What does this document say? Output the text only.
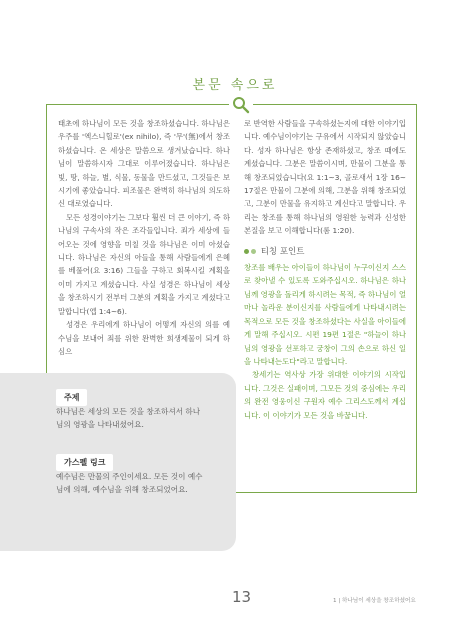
본문 속으로

태초에 하나님이 모든 것을 창조하셨습니다. 하나님은 우주를 '엑스니힐로'(ex nihilo), 즉 '무'(無)에서 창조하셨습니다. 온 세상은 말씀으로 생겨났습니다. 하나님이 말씀하시자 그대로 이루어졌습니다. 하나님은 빛, 땅, 하늘, 별, 식물, 동물을 만드셨고, 그것들은 보시기에 좋았습니다. 피조물은 완벽히 하나님의 의도하신 대로였습니다.

모든 성경이야기는 그보다 훨씬 더 큰 이야기, 즉 하나님의 구속사의 작은 조각들입니다. 죄가 세상에 들어오는 것에 영향을 미칠 것을 하나님은 이미 아셨습니다. 하나님은 자신의 아들을 통해 사람들에게 은혜를 베풀어(요 3:16) 그들을 구하고 회복시킬 계획을 이미 가지고 계셨습니다. 사실 성경은 하나님이 세상을 창조하시기 전부터 그분의 계획을 가지고 계셨다고 말합니다(엡 1:4~6).

성경은 우리에게 하나님이 어떻게 자신의 의를 예수님을 보내어 죄를 위한 완벽한 희생제물이 되게 하심으

로 반역한 사람들을 구속하셨는지에 대한 이야기입니다. 예수님이야기는 구유에서 시작되지 않았습니다. 성자 하나님은 항상 존재하셨고, 창조 때에도 계셨습니다. 그분은 말씀이시며, 만물이 그분을 통해 창조되었습니다(요 1:1~3, 골로새서 1장 16~17절은 만물이 그분에 의해, 그분을 위해 창조되었고, 그분이 만물을 유지하고 계신다고 말합니다. 우리는 창조를 통해 하나님의 영원한 능력과 신성한 본질을 보고 이해합니다(롬 1:20).

티칭 포인트

창조를 배우는 아이들이 하나님이 누구이신지 스스로 찾아낼 수 있도록 도와주십시오. 하나님은 하나님께 영광을 돌리게 하시려는 목적, 즉 하나님이 얼마나 놀라운 분이신지를 사람들에게 나타내시려는 목적으로 모든 것을 창조하셨다는 사실을 아이들에게 말해 주십시오. 시편 19편 1절은 "하늘이 하나님의 영광을 선포하고 궁창이 그의 손으로 하신 일을 나타내는도다"라고 말합니다.

창세기는 역사상 가장 위대한 이야기의 시작입니다. 그것은 실패이며, 그모든 것의 중심에는 우리의 완전 영웅이신 구원자 예수 그리스도께서 계십니다. 이 이야기가 모든 것을 바꿉니다.

주제
하나님은 세상의 모든 것을 창조하셔서 하나님의 영광을 나타내셨어요.
가스펠 링크
예수님은 만물의 주인이세요. 모든 것이 예수님에 의해, 예수님을 위해 창조되었어요.
13	1 | 하나님이 세상을 창조하셨어요
